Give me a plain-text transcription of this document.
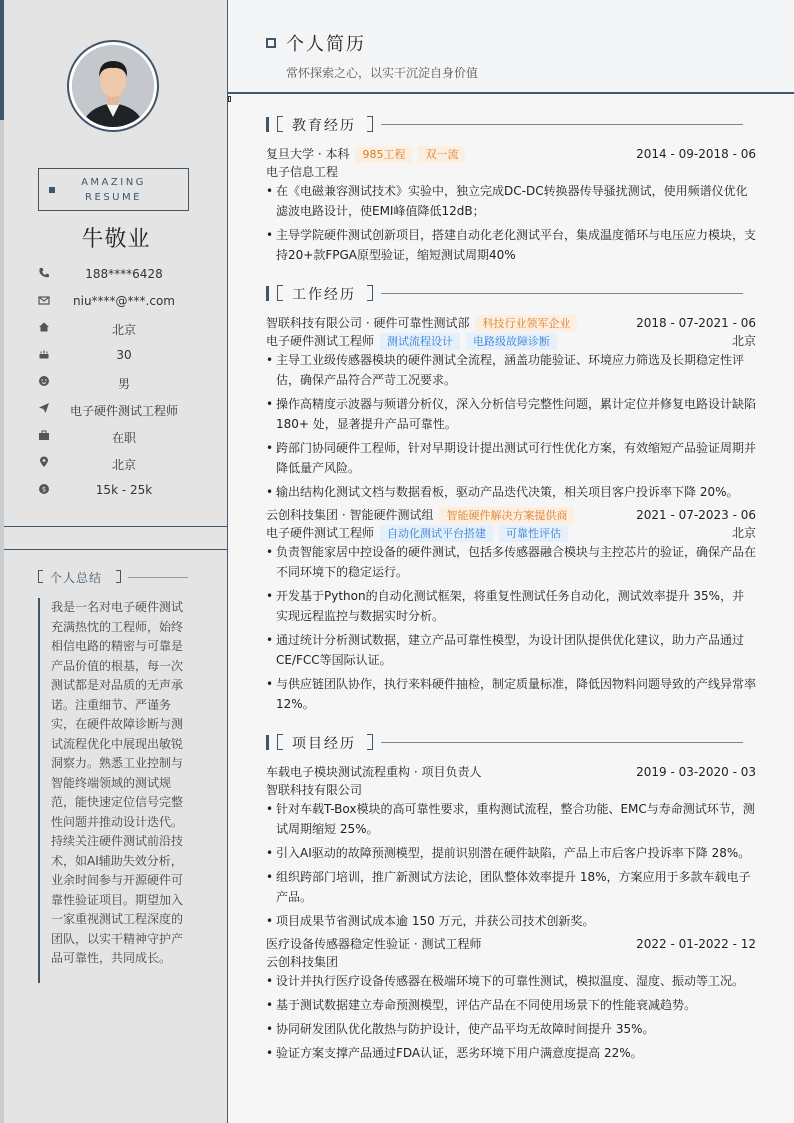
AMAZING
RESUME
牛敬业
188****6428
niu****@***.com
北京
30
男
电子硬件测试工程师
在职
北京
$	15k - 25k
个人总结
我是一名对电子硬件测试充满热忱的工程师，始终相信电路的精密与可靠是产品价值的根基，每一次测试都是对品质的无声承诺。注重细节、严谨务实，在硬件故障诊断与测试流程优化中展现出敏锐洞察力。熟悉工业控制与智能终端领域的测试规范，能快速定位信号完整性问题并推动设计迭代。持续关注硬件测试前沿技术，如AI辅助失效分析，业余时间参与开源硬件可靠性验证项目。期望加入一家重视测试工程深度的团队，以实干精神守护产品可靠性，共同成长。
个人简历
常怀探索之心，以实干沉淀自身价值
教育经历
复旦大学 · 本科 985工程 双一流	2014 - 09-2018 - 06
电子信息工程
• 在《电磁兼容测试技术》实验中，独立完成DC-DC转换器传导骚扰测试，使用频谱仪优化滤波电路设计，使EMI峰值降低12dB；
• 主导学院硬件测试创新项目，搭建自动化老化测试平台，集成温度循环与电压应力模块，支持20+款FPGA原型验证，缩短测试周期40%
工作经历
智联科技有限公司 · 硬件可靠性测试部 科技行业领军企业	2018 - 07-2021 - 06
电子硬件测试工程师 测试流程设计 电路级故障诊断	北京
• 主导工业级传感器模块的硬件测试全流程，涵盖功能验证、环境应力筛选及长期稳定性评估，确保产品符合严苛工况要求。
• 操作高精度示波器与频谱分析仪，深入分析信号完整性问题，累计定位并修复电路设计缺陷 180+ 处，显著提升产品可靠性。
• 跨部门协同硬件工程师，针对早期设计提出测试可行性优化方案，有效缩短产品验证周期并降低量产风险。
• 输出结构化测试文档与数据看板，驱动产品迭代决策，相关项目客户投诉率下降 20%。
云创科技集团 · 智能硬件测试组 智能硬件解决方案提供商	2021 - 07-2023 - 06
电子硬件测试工程师 自动化测试平台搭建 可靠性评估	北京
• 负责智能家居中控设备的硬件测试，包括多传感器融合模块与主控芯片的验证，确保产品在不同环境下的稳定运行。
• 开发基于Python的自动化测试框架，将重复性测试任务自动化，测试效率提升 35%，并实现远程监控与数据实时分析。
• 通过统计分析测试数据，建立产品可靠性模型，为设计团队提供优化建议，助力产品通过CE/FCC等国际认证。
• 与供应链团队协作，执行来料硬件抽检，制定质量标准，降低因物料问题导致的产线异常率 12%。
项目经历
车载电子模块测试流程重构 · 项目负责人	2019 - 03-2020 - 03
智联科技有限公司
• 针对车载T-Box模块的高可靠性要求，重构测试流程，整合功能、EMC与寿命测试环节，测试周期缩短 25%。
• 引入AI驱动的故障预测模型，提前识别潜在硬件缺陷，产品上市后客户投诉率下降 28%。
• 组织跨部门培训，推广新测试方法论，团队整体效率提升 18%，方案应用于多款车载电子产品。
• 项目成果节省测试成本逾 150 万元，并获公司技术创新奖。
医疗设备传感器稳定性验证 · 测试工程师	2022 - 01-2022 - 12
云创科技集团
• 设计并执行医疗设备传感器在极端环境下的可靠性测试，模拟温度、湿度、振动等工况。
• 基于测试数据建立寿命预测模型，评估产品在不同使用场景下的性能衰减趋势。
• 协同研发团队优化散热与防护设计，使产品平均无故障时间提升 35%。
• 验证方案支撑产品通过FDA认证，恶劣环境下用户满意度提高 22%。
